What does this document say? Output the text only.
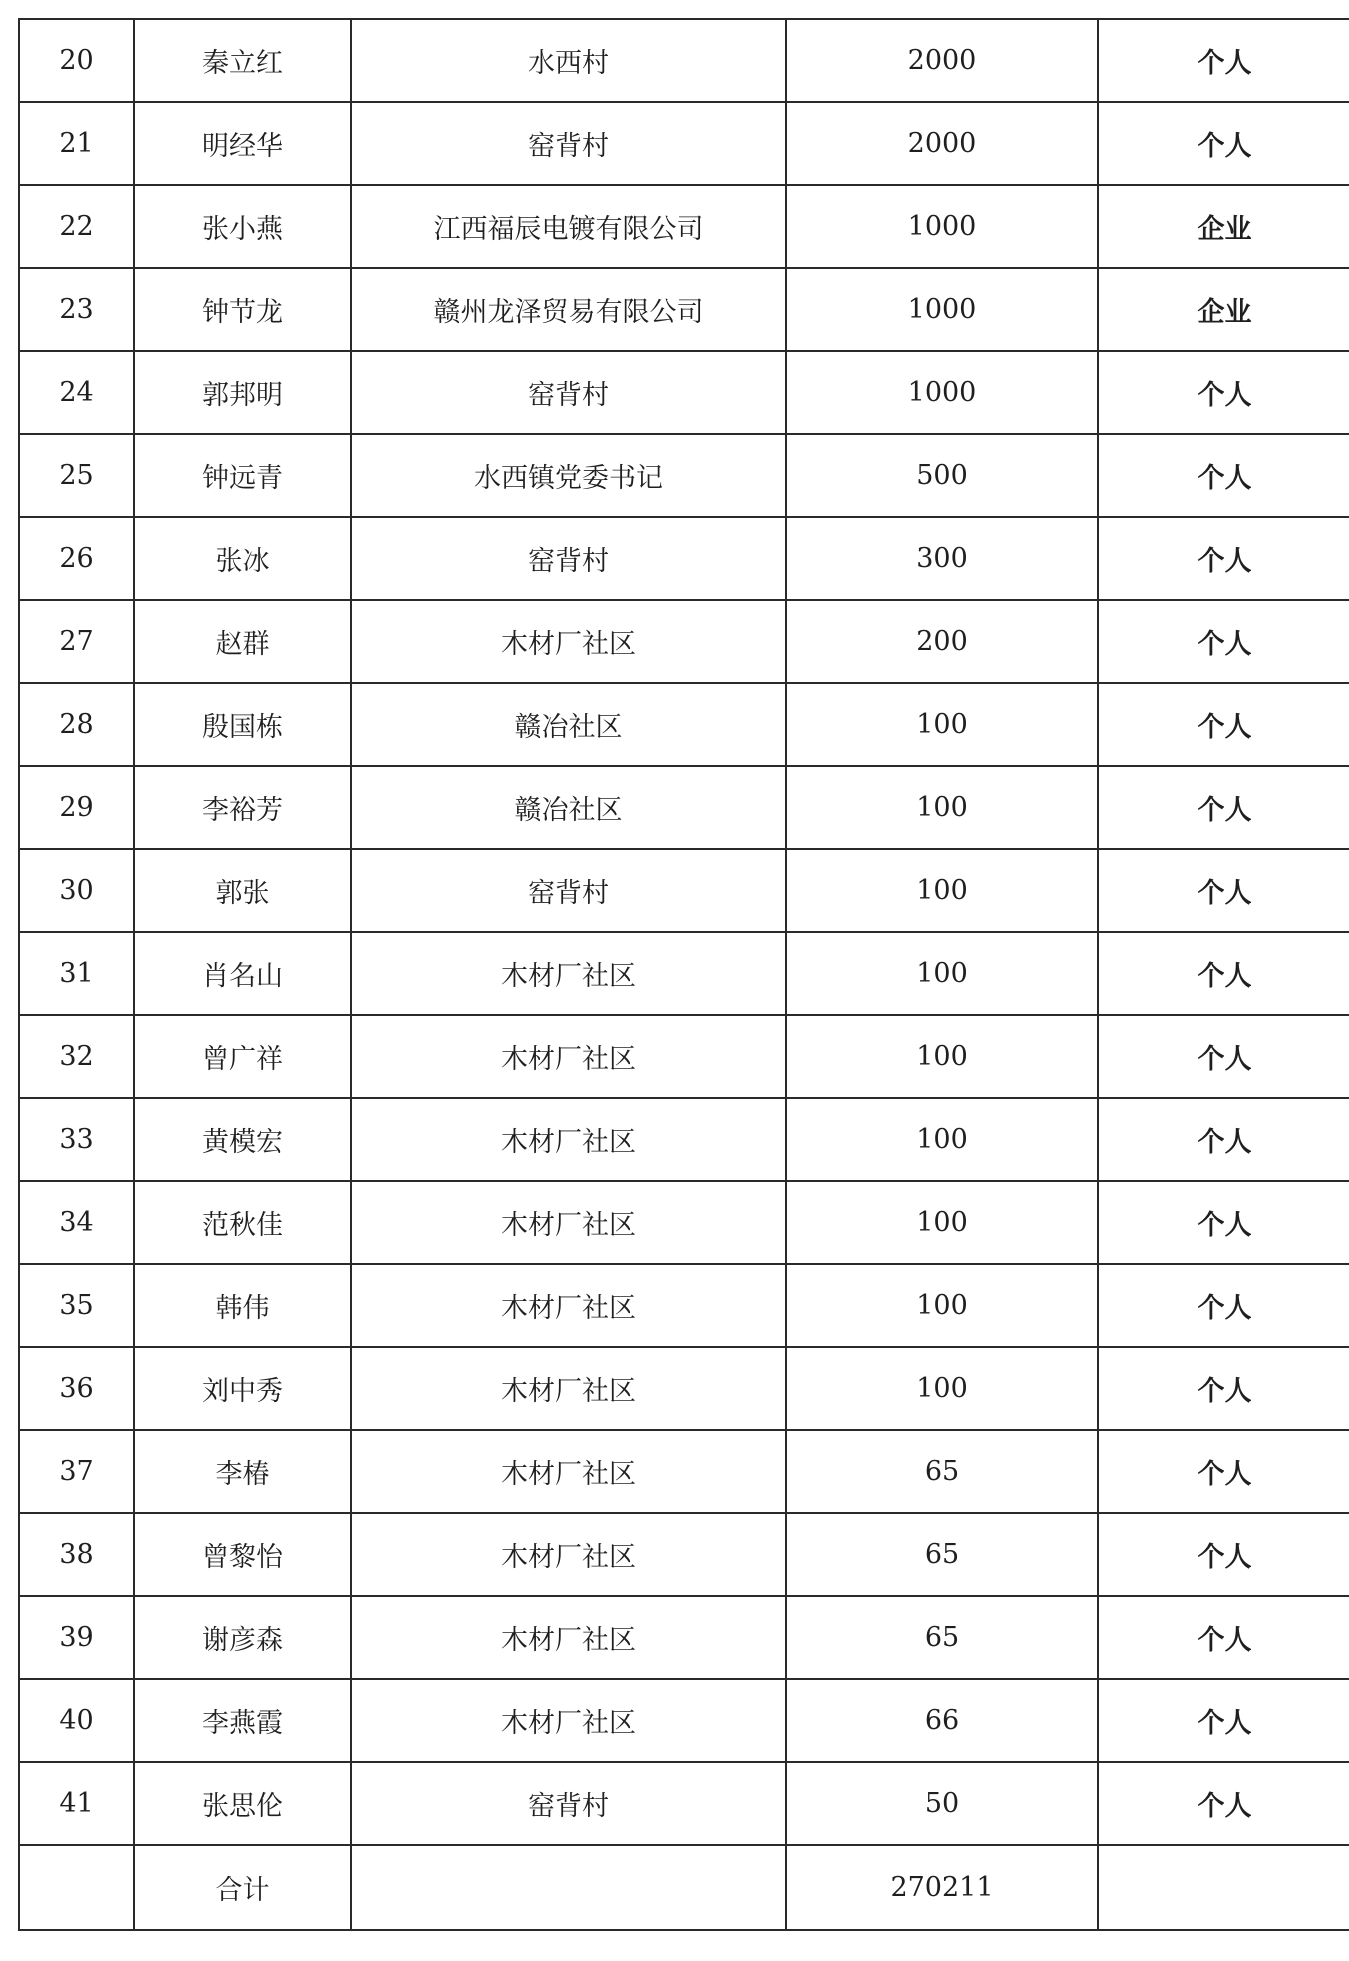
20	秦立红	水西村	2000	个人
21	明经华	窑背村	2000	个人
22	张小燕	江西福辰电镀有限公司	1000	企业
23	钟节龙	赣州龙泽贸易有限公司	1000	企业
24	郭邦明	窑背村	1000	个人
25	钟远青	水西镇党委书记	500	个人
26	张冰	窑背村	300	个人
27	赵群	木材厂社区	200	个人
28	殷国栋	赣冶社区	100	个人
29	李裕芳	赣冶社区	100	个人
30	郭张	窑背村	100	个人
31	肖名山	木材厂社区	100	个人
32	曾广祥	木材厂社区	100	个人
33	黄模宏	木材厂社区	100	个人
34	范秋佳	木材厂社区	100	个人
35	韩伟	木材厂社区	100	个人
36	刘中秀	木材厂社区	100	个人
37	李椿	木材厂社区	65	个人
38	曾黎怡	木材厂社区	65	个人
39	谢彦森	木材厂社区	65	个人
40	李燕霞	木材厂社区	66	个人
41	张思伦	窑背村	50	个人
	合计		270211	
